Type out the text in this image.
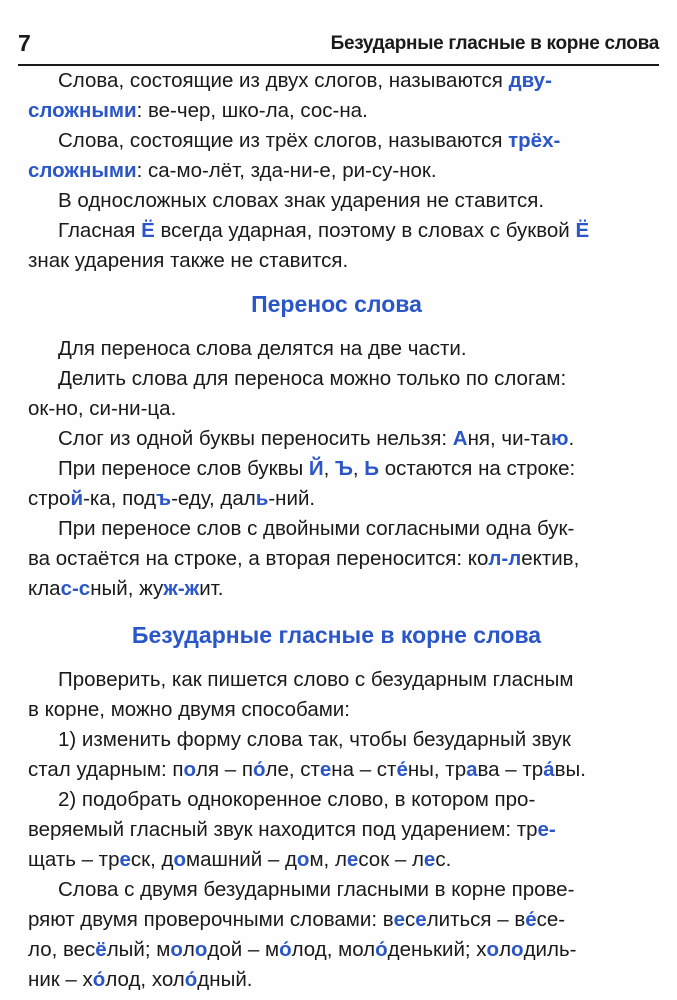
7	Безударные гласные в корне слова

Слова, состоящие из двух слогов, называются дву-
сложными: ве-чер, шко-ла, сос-на.

Слова, состоящие из трёх слогов, называются трёх-
сложными: са-мо-лёт, зда-ни-е, ри-су-нок.

В односложных словах знак ударения не ставится.

Гласная Ё всегда ударная, поэтому в словах с буквой Ё
знак ударения также не ставится.

Перенос слова

Для переноса слова делятся на две части.

Делить слова для переноса можно только по слогам:
ок-но, си-ни-ца.

Слог из одной буквы переносить нельзя: Аня, чи-таю.

При переносе слов буквы Й, Ъ, Ь остаются на строке:
строй-ка, подъ-еду, даль-ний.

При переносе слов с двойными согласными одна бук-
ва остаётся на строке, а вторая переносится: кол-лектив,
клас-сный, жуж-жит.

Безударные гласные в корне слова

Проверить, как пишется слово с безударным гласным
в корне, можно двумя способами:

1) изменить форму слова так, чтобы безударный звук
стал ударным: поля – по́ле, стена – сте́ны, трава – тра́вы.

2) подобрать однокоренное слово, в котором про-
веряемый гласный звук находится под ударением: тре-
щать – треск, домашний – дом, лесок – лес.

Слова с двумя безударными гласными в корне прове-
ряют двумя проверочными словами: веселиться – ве́се-
ло, весёлый; молодой – мо́лод, моло́денький; холодиль-
ник – хо́лод, холо́дный.
